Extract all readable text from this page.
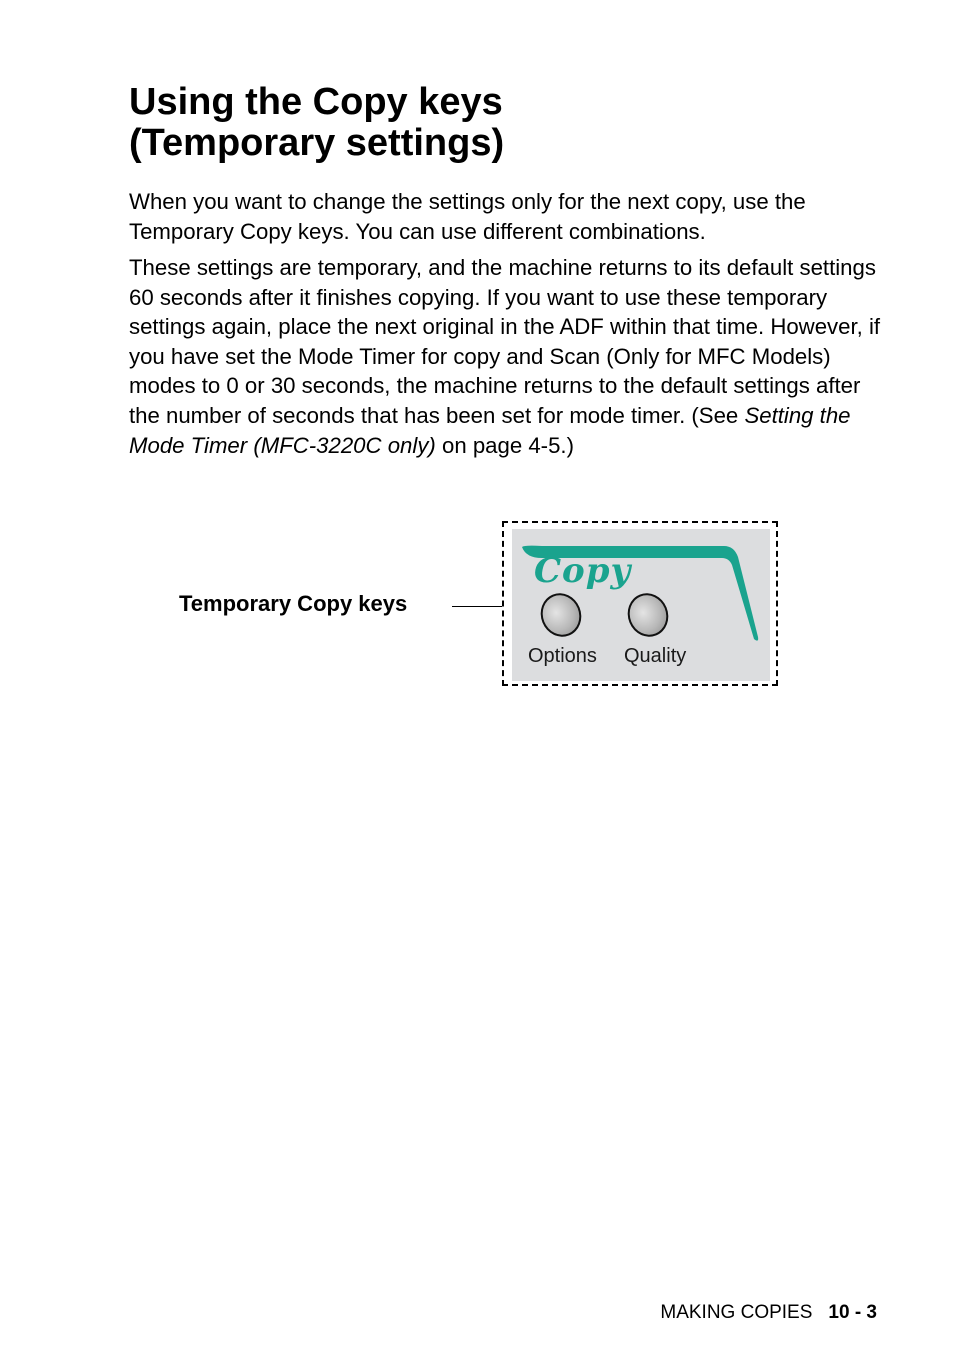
Using the Copy keys
(Temporary settings)

When you want to change the settings only for the next copy, use the Temporary Copy keys. You can use different combinations.

These settings are temporary, and the machine returns to its default settings 60 seconds after it finishes copying. If you want to use these temporary settings again, place the next original in the ADF within that time. However, if you have set the Mode Timer for copy and Scan (Only for MFC Models) modes to 0 or 30 seconds, the machine returns to the default settings after the number of seconds that has been set for mode timer. (See Setting the Mode Timer (MFC-3220C only) on page 4-5.)

Temporary Copy keys
Copy
Options Quality
MAKING COPIES 10 - 3
